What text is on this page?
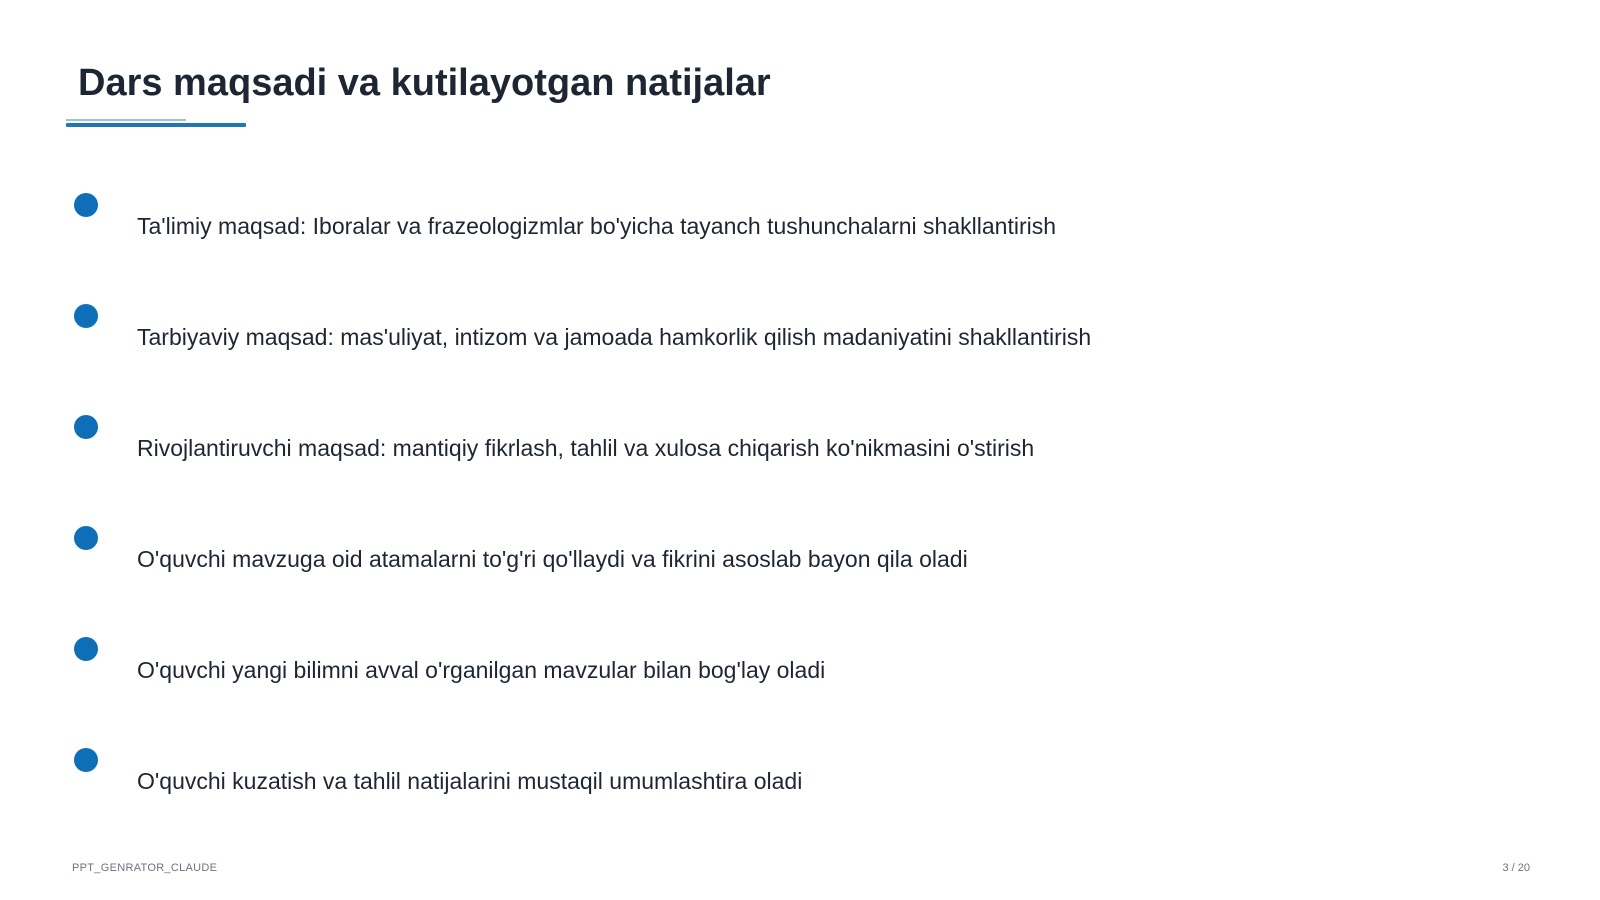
Dars maqsadi va kutilayotgan natijalar
Ta'limiy maqsad: Iboralar va frazeologizmlar bo'yicha tayanch tushunchalarni shakllantirish
Tarbiyaviy maqsad: mas'uliyat, intizom va jamoada hamkorlik qilish madaniyatini shakllantirish
Rivojlantiruvchi maqsad: mantiqiy fikrlash, tahlil va xulosa chiqarish ko'nikmasini o'stirish
O'quvchi mavzuga oid atamalarni to'g'ri qo'llaydi va fikrini asoslab bayon qila oladi
O'quvchi yangi bilimni avval o'rganilgan mavzular bilan bog'lay oladi
O'quvchi kuzatish va tahlil natijalarini mustaqil umumlashtira oladi
PPT_GENRATOR_CLAUDE	3 / 20
